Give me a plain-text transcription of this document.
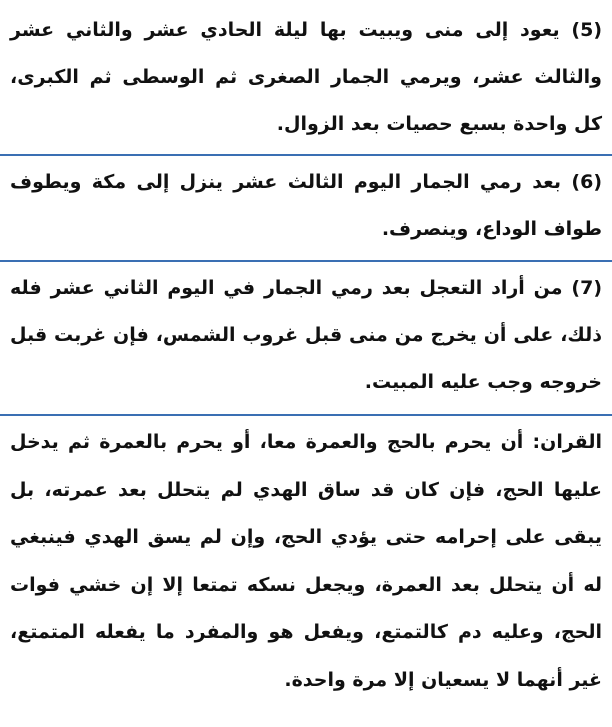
(5) يعود إلى منى ويبيت بها ليلة الحادي عشر والثاني عشر والثالث عشر، ويرمي الجمار الصغرى ثم الوسطى ثم الكبرى، كل واحدة بسبع حصيات بعد الزوال.

(6) بعد رمي الجمار اليوم الثالث عشر ينزل إلى مكة ويطوف طواف الوداع، وينصرف.

(7) من أراد التعجل بعد رمي الجمار في اليوم الثاني عشر فله ذلك، على أن يخرج من منى قبل غروب الشمس، فإن غربت قبل خروجه وجب عليه المبيت.

القران: أن يحرم بالحج والعمرة معا، أو يحرم بالعمرة ثم يدخل عليها الحج، فإن كان قد ساق الهدي لم يتحلل بعد عمرته، بل يبقى على إحرامه حتى يؤدي الحج، وإن لم يسق الهدي فينبغي له أن يتحلل بعد العمرة، ويجعل نسكه تمتعا إلا إن خشي فوات الحج، وعليه دم كالتمتع، ويفعل هو والمفرد ما يفعله المتمتع، غير أنهما لا يسعيان إلا مرة واحدة.
